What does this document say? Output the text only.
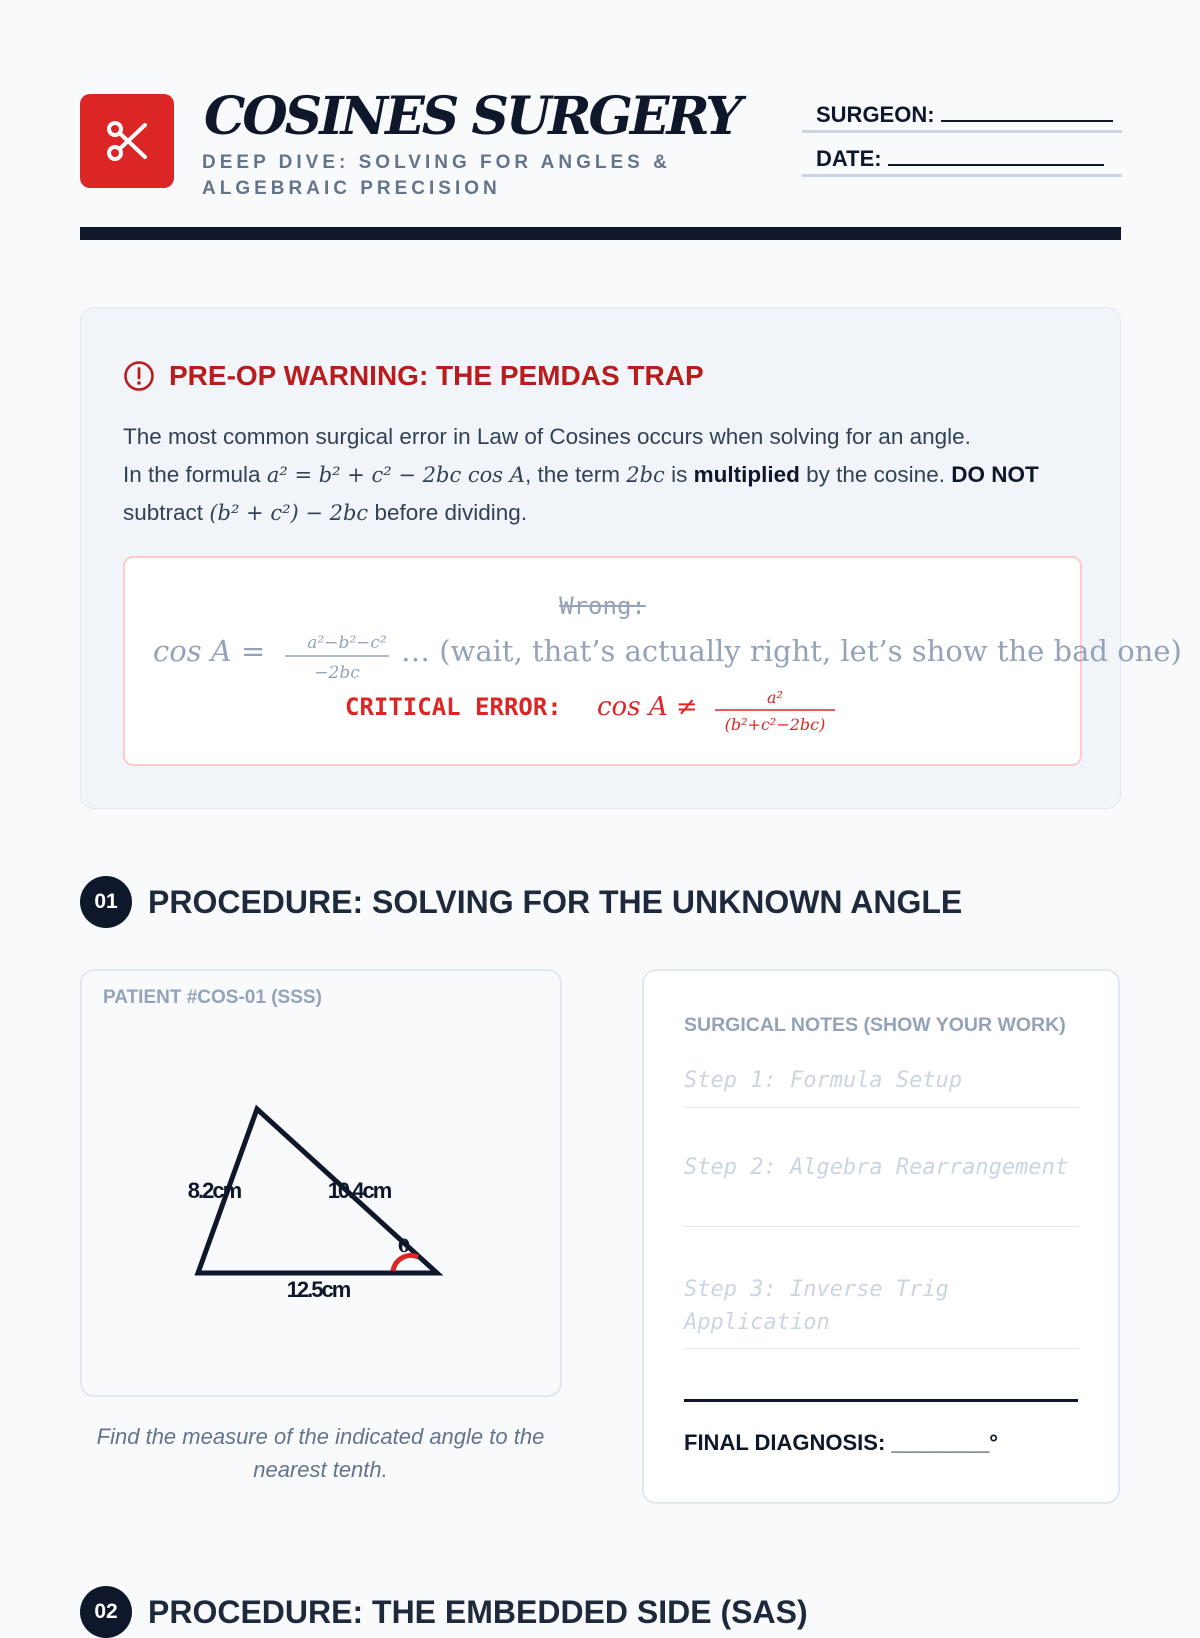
COSINES SURGERY
DEEP DIVE: SOLVING FOR ANGLES & ALGEBRAIC PRECISION
SURGEON:
DATE:
PRE-OP WARNING: THE PEMDAS TRAP
The most common surgical error in Law of Cosines occurs when solving for an angle.
In the formula a² = b² + c² − 2bc cos A, the term 2bc is multiplied by the cosine. DO NOT subtract (b² + c²) − 2bc before dividing.
Wrong:
cos A = a²−b²−c²
−2bc
… (wait, that’s actually right, let’s show the bad one)
CRITICAL ERROR: cos A ≠	a²
(b²+c²−2bc)
01 PROCEDURE: SOLVING FOR THE UNKNOWN ANGLE
PATIENT #COS-01 (SSS)
8.2cm	10.4cm
12.5cm
θ
Find the measure of the indicated angle to the nearest tenth.
SURGICAL NOTES (SHOW YOUR WORK)
Step 1: Formula Setup
Step 2: Algebra Rearrangement
Step 3: Inverse Trig Application
FINAL DIAGNOSIS: ________°
02 PROCEDURE: THE EMBEDDED SIDE (SAS)
